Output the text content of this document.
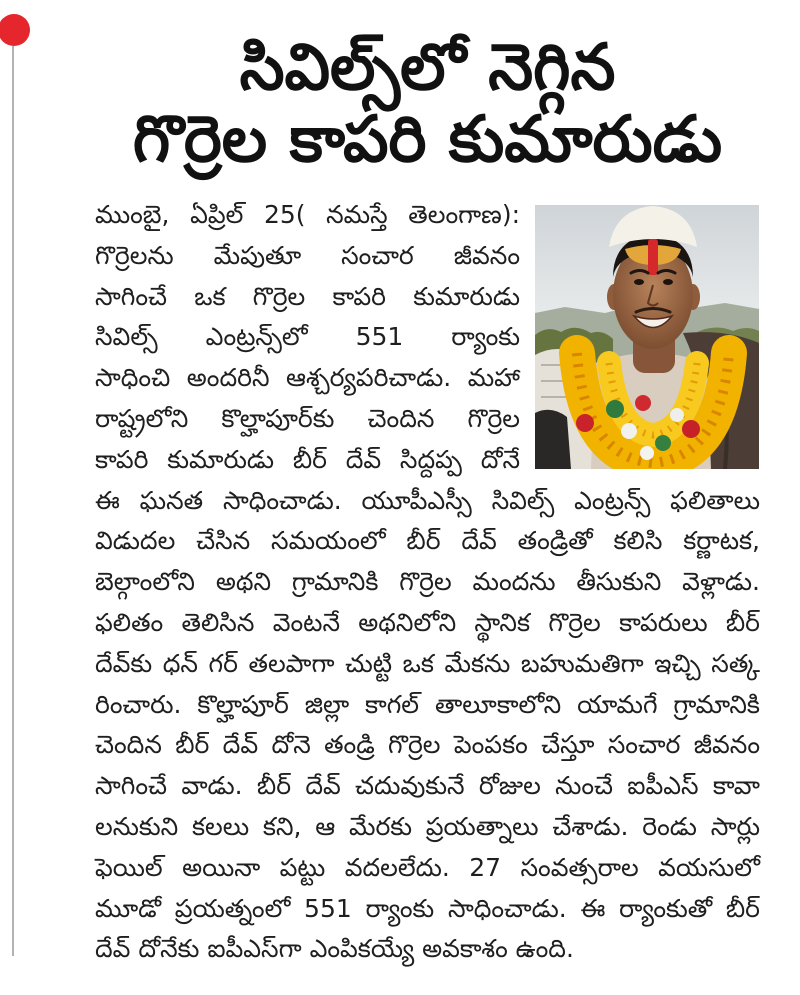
సివిల్స్‌లో నెగ్గిన
గొర్రెల కాపరి కుమారుడు
ముంబై, ఏప్రిల్ 25( నమస్తే తెలంగాణ):
గొర్రెలను మేపుతూ సంచార జీవనం
సాగించే ఒక గొర్రెల కాపరి కుమారుడు
సివిల్స్ ఎంట్రన్స్‌లో 551 ర్యాంకు
సాధించి అందరినీ ఆశ్చర్యపరిచాడు. మహా
రాష్ట్రలోని కొల్హాపూర్‌కు చెందిన గొర్రెల
కాపరి కుమారుడు బీర్ దేవ్ సిద్దప్ప దోనే
ఈ ఘనత సాధించాడు. యూపీఎస్సీ సివిల్స్ ఎంట్రన్స్ ఫలితాలు
విడుదల చేసిన సమయంలో బీర్ దేవ్ తండ్రితో కలిసి కర్ణాటక,
బెల్గాంలోని అథని గ్రామానికి గొర్రెల మందను తీసుకుని వెళ్లాడు.
ఫలితం తెలిసిన వెంటనే అథనిలోని స్థానిక గొర్రెల కాపరులు బీర్
దేవ్‌కు ధన్ గర్ తలపాగా చుట్టి ఒక మేకను బహుమతిగా ఇచ్చి సత్క
రించారు. కొల్హాపూర్ జిల్లా కాగల్ తాలూకాలోని యామగే గ్రామానికి
చెందిన బీర్ దేవ్ దోనె తండ్రి గొర్రెల పెంపకం చేస్తూ సంచార జీవనం
సాగించే వాడు. బీర్ దేవ్ చదువుకునే రోజుల నుంచే ఐపీఎస్ కావా
లనుకుని కలలు కని, ఆ మేరకు ప్రయత్నాలు చేశాడు. రెండు సార్లు
ఫెయిల్ అయినా పట్టు వదలలేదు. 27 సంవత్సరాల వయసులో
మూడో ప్రయత్నంలో 551 ర్యాంకు సాధించాడు. ఈ ర్యాంకుతో బీర్
దేవ్ దోనేకు ఐపీఎస్‌గా ఎంపికయ్యే అవకాశం ఉంది.
